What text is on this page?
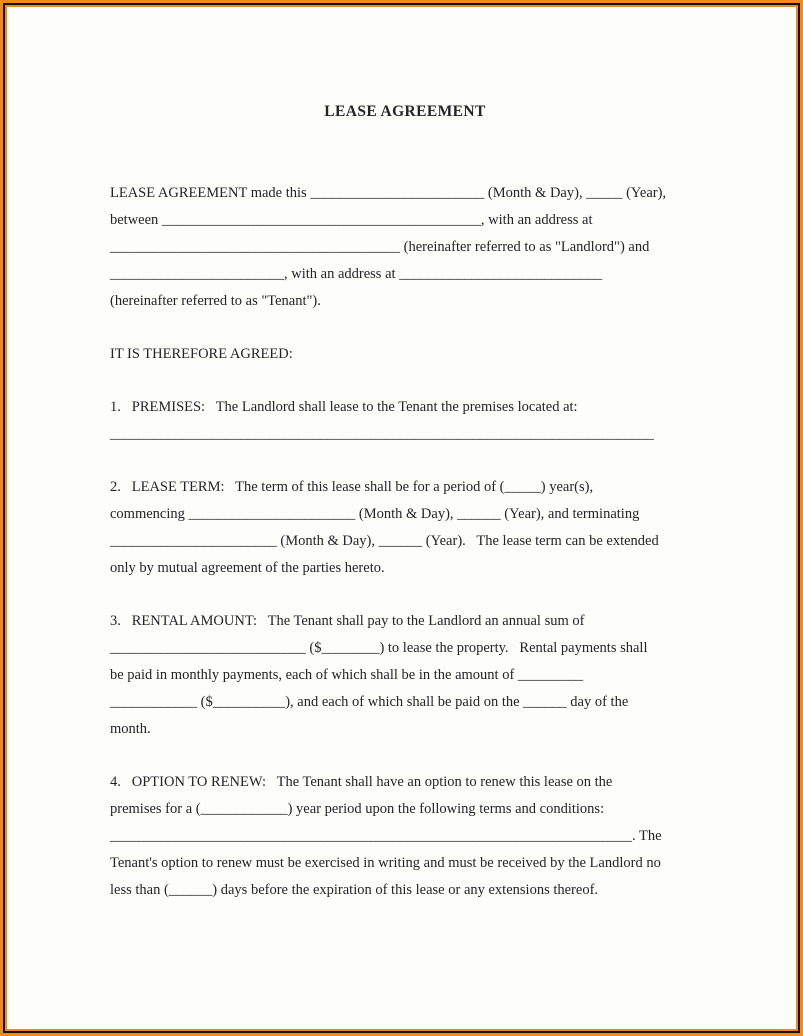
LEASE AGREEMENT

LEASE AGREEMENT made this ________________________ (Month & Day), _____ (Year),
between ____________________________________________, with an address at
________________________________________ (hereinafter referred to as "Landlord") and
________________________, with an address at ____________________________
(hereinafter referred to as "Tenant").

IT IS THEREFORE AGREED:

1.   PREMISES:   The Landlord shall lease to the Tenant the premises located at:
___________________________________________________________________________

2.   LEASE TERM:   The term of this lease shall be for a period of (_____) year(s),
commencing _______________________ (Month & Day), ______ (Year), and terminating
_______________________ (Month & Day), ______ (Year).   The lease term can be extended
only by mutual agreement of the parties hereto.

3.   RENTAL AMOUNT:   The Tenant shall pay to the Landlord an annual sum of
___________________________ ($________) to lease the property.   Rental payments shall
be paid in monthly payments, each of which shall be in the amount of _________
____________ ($__________), and each of which shall be paid on the ______ day of the
month.

4.   OPTION TO RENEW:   The Tenant shall have an option to renew this lease on the
premises for a (____________) year period upon the following terms and conditions:
________________________________________________________________________. The
Tenant's option to renew must be exercised in writing and must be received by the Landlord no
less than (______) days before the expiration of this lease or any extensions thereof.
